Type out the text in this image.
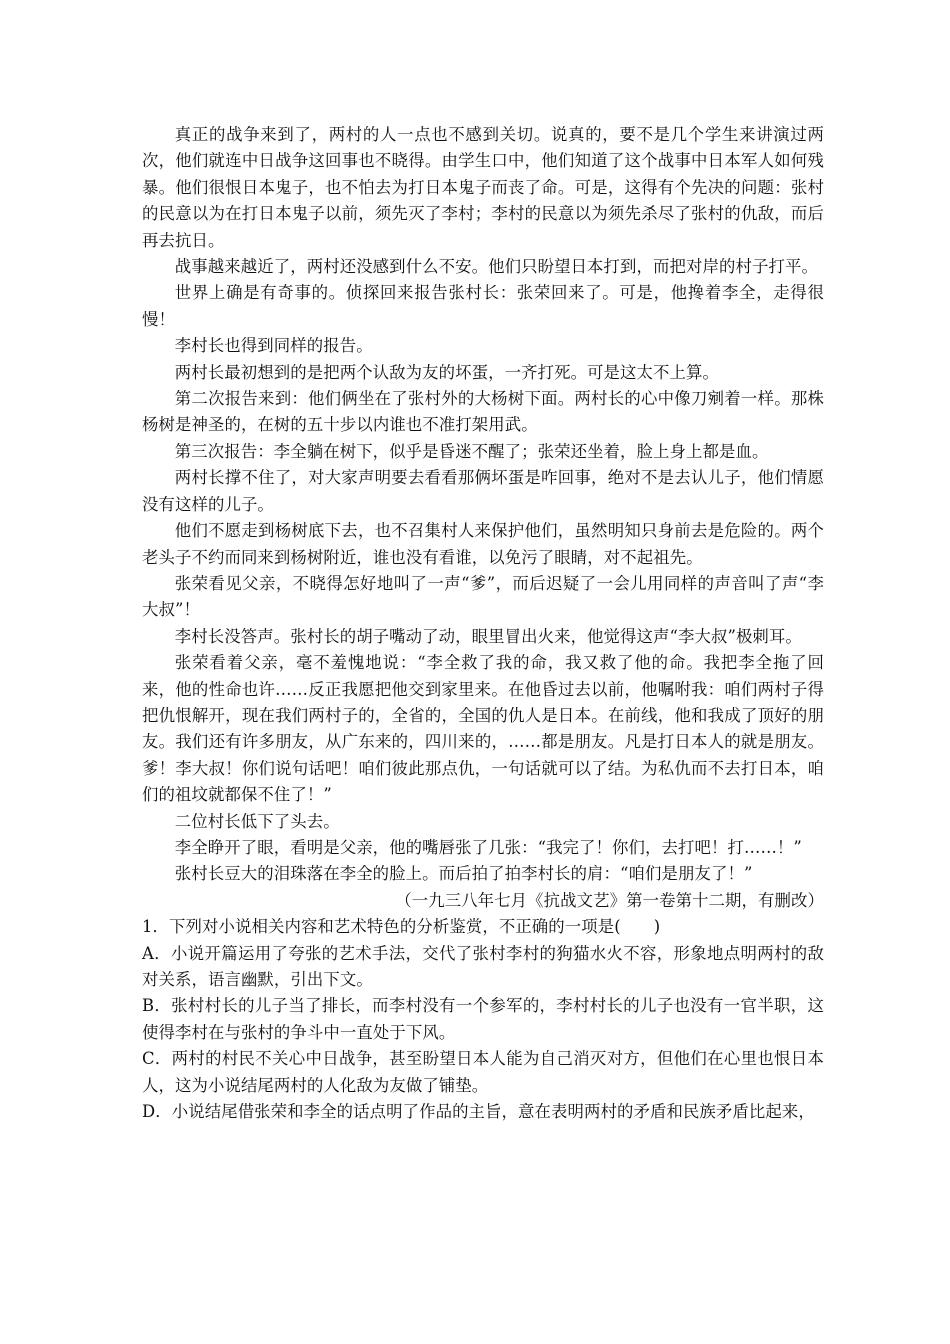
真正的战争来到了，两村的人一点也不感到关切。说真的，要不是几个学生来讲演过两次，他们就连中日战争这回事也不晓得。由学生口中，他们知道了这个战事中日本军人如何残暴。他们很恨日本鬼子，也不怕去为打日本鬼子而丧了命。可是，这得有个先决的问题：张村的民意以为在打日本鬼子以前，须先灭了李村；李村的民意以为须先杀尽了张村的仇敌，而后再去抗日。

战事越来越近了，两村还没感到什么不安。他们只盼望日本打到，而把对岸的村子打平。

世界上确是有奇事的。侦探回来报告张村长：张荣回来了。可是，他搀着李全，走得很慢！

李村长也得到同样的报告。

两村长最初想到的是把两个认敌为友的坏蛋，一齐打死。可是这太不上算。

第二次报告来到：他们俩坐在了张村外的大杨树下面。两村长的心中像刀剜着一样。那株杨树是神圣的，在树的五十步以内谁也不准打架用武。

第三次报告：李全躺在树下，似乎是昏迷不醒了；张荣还坐着，脸上身上都是血。

两村长撑不住了，对大家声明要去看看那俩坏蛋是咋回事，绝对不是去认儿子，他们情愿没有这样的儿子。

他们不愿走到杨树底下去，也不召集村人来保护他们，虽然明知只身前去是危险的。两个老头子不约而同来到杨树附近，谁也没有看谁，以免污了眼睛，对不起祖先。

张荣看见父亲，不晓得怎好地叫了一声“爹”，而后迟疑了一会儿用同样的声音叫了声“李大叔”！

李村长没答声。张村长的胡子嘴动了动，眼里冒出火来，他觉得这声“李大叔”极刺耳。

张荣看着父亲，毫不羞愧地说：“李全救了我的命，我又救了他的命。我把李全拖了回来，他的性命也许……反正我愿把他交到家里来。在他昏过去以前，他嘱咐我：咱们两村子得把仇恨解开，现在我们两村子的，全省的，全国的仇人是日本。在前线，他和我成了顶好的朋友。我们还有许多朋友，从广东来的，四川来的，……都是朋友。凡是打日本人的就是朋友。爹！李大叔！你们说句话吧！咱们彼此那点仇，一句话就可以了结。为私仇而不去打日本，咱们的祖坟就都保不住了！”

二位村长低下了头去。

李全睁开了眼，看明是父亲，他的嘴唇张了几张：“我完了！你们，去打吧！打……！”

张村长豆大的泪珠落在李全的脸上。而后拍了拍李村长的肩：“咱们是朋友了！”

（一九三八年七月《抗战文艺》第一卷第十二期，有删改）

1．下列对小说相关内容和艺术特色的分析鉴赏，不正确的一项是(　　)

A．小说开篇运用了夸张的艺术手法，交代了张村李村的狗猫水火不容，形象地点明两村的敌对关系，语言幽默，引出下文。

B．张村村长的儿子当了排长，而李村没有一个参军的，李村村长的儿子也没有一官半职，这使得李村在与张村的争斗中一直处于下风。

C．两村的村民不关心中日战争，甚至盼望日本人能为自己消灭对方，但他们在心里也恨日本人，这为小说结尾两村的人化敌为友做了铺垫。

D．小说结尾借张荣和李全的话点明了作品的主旨，意在表明两村的矛盾和民族矛盾比起来，
